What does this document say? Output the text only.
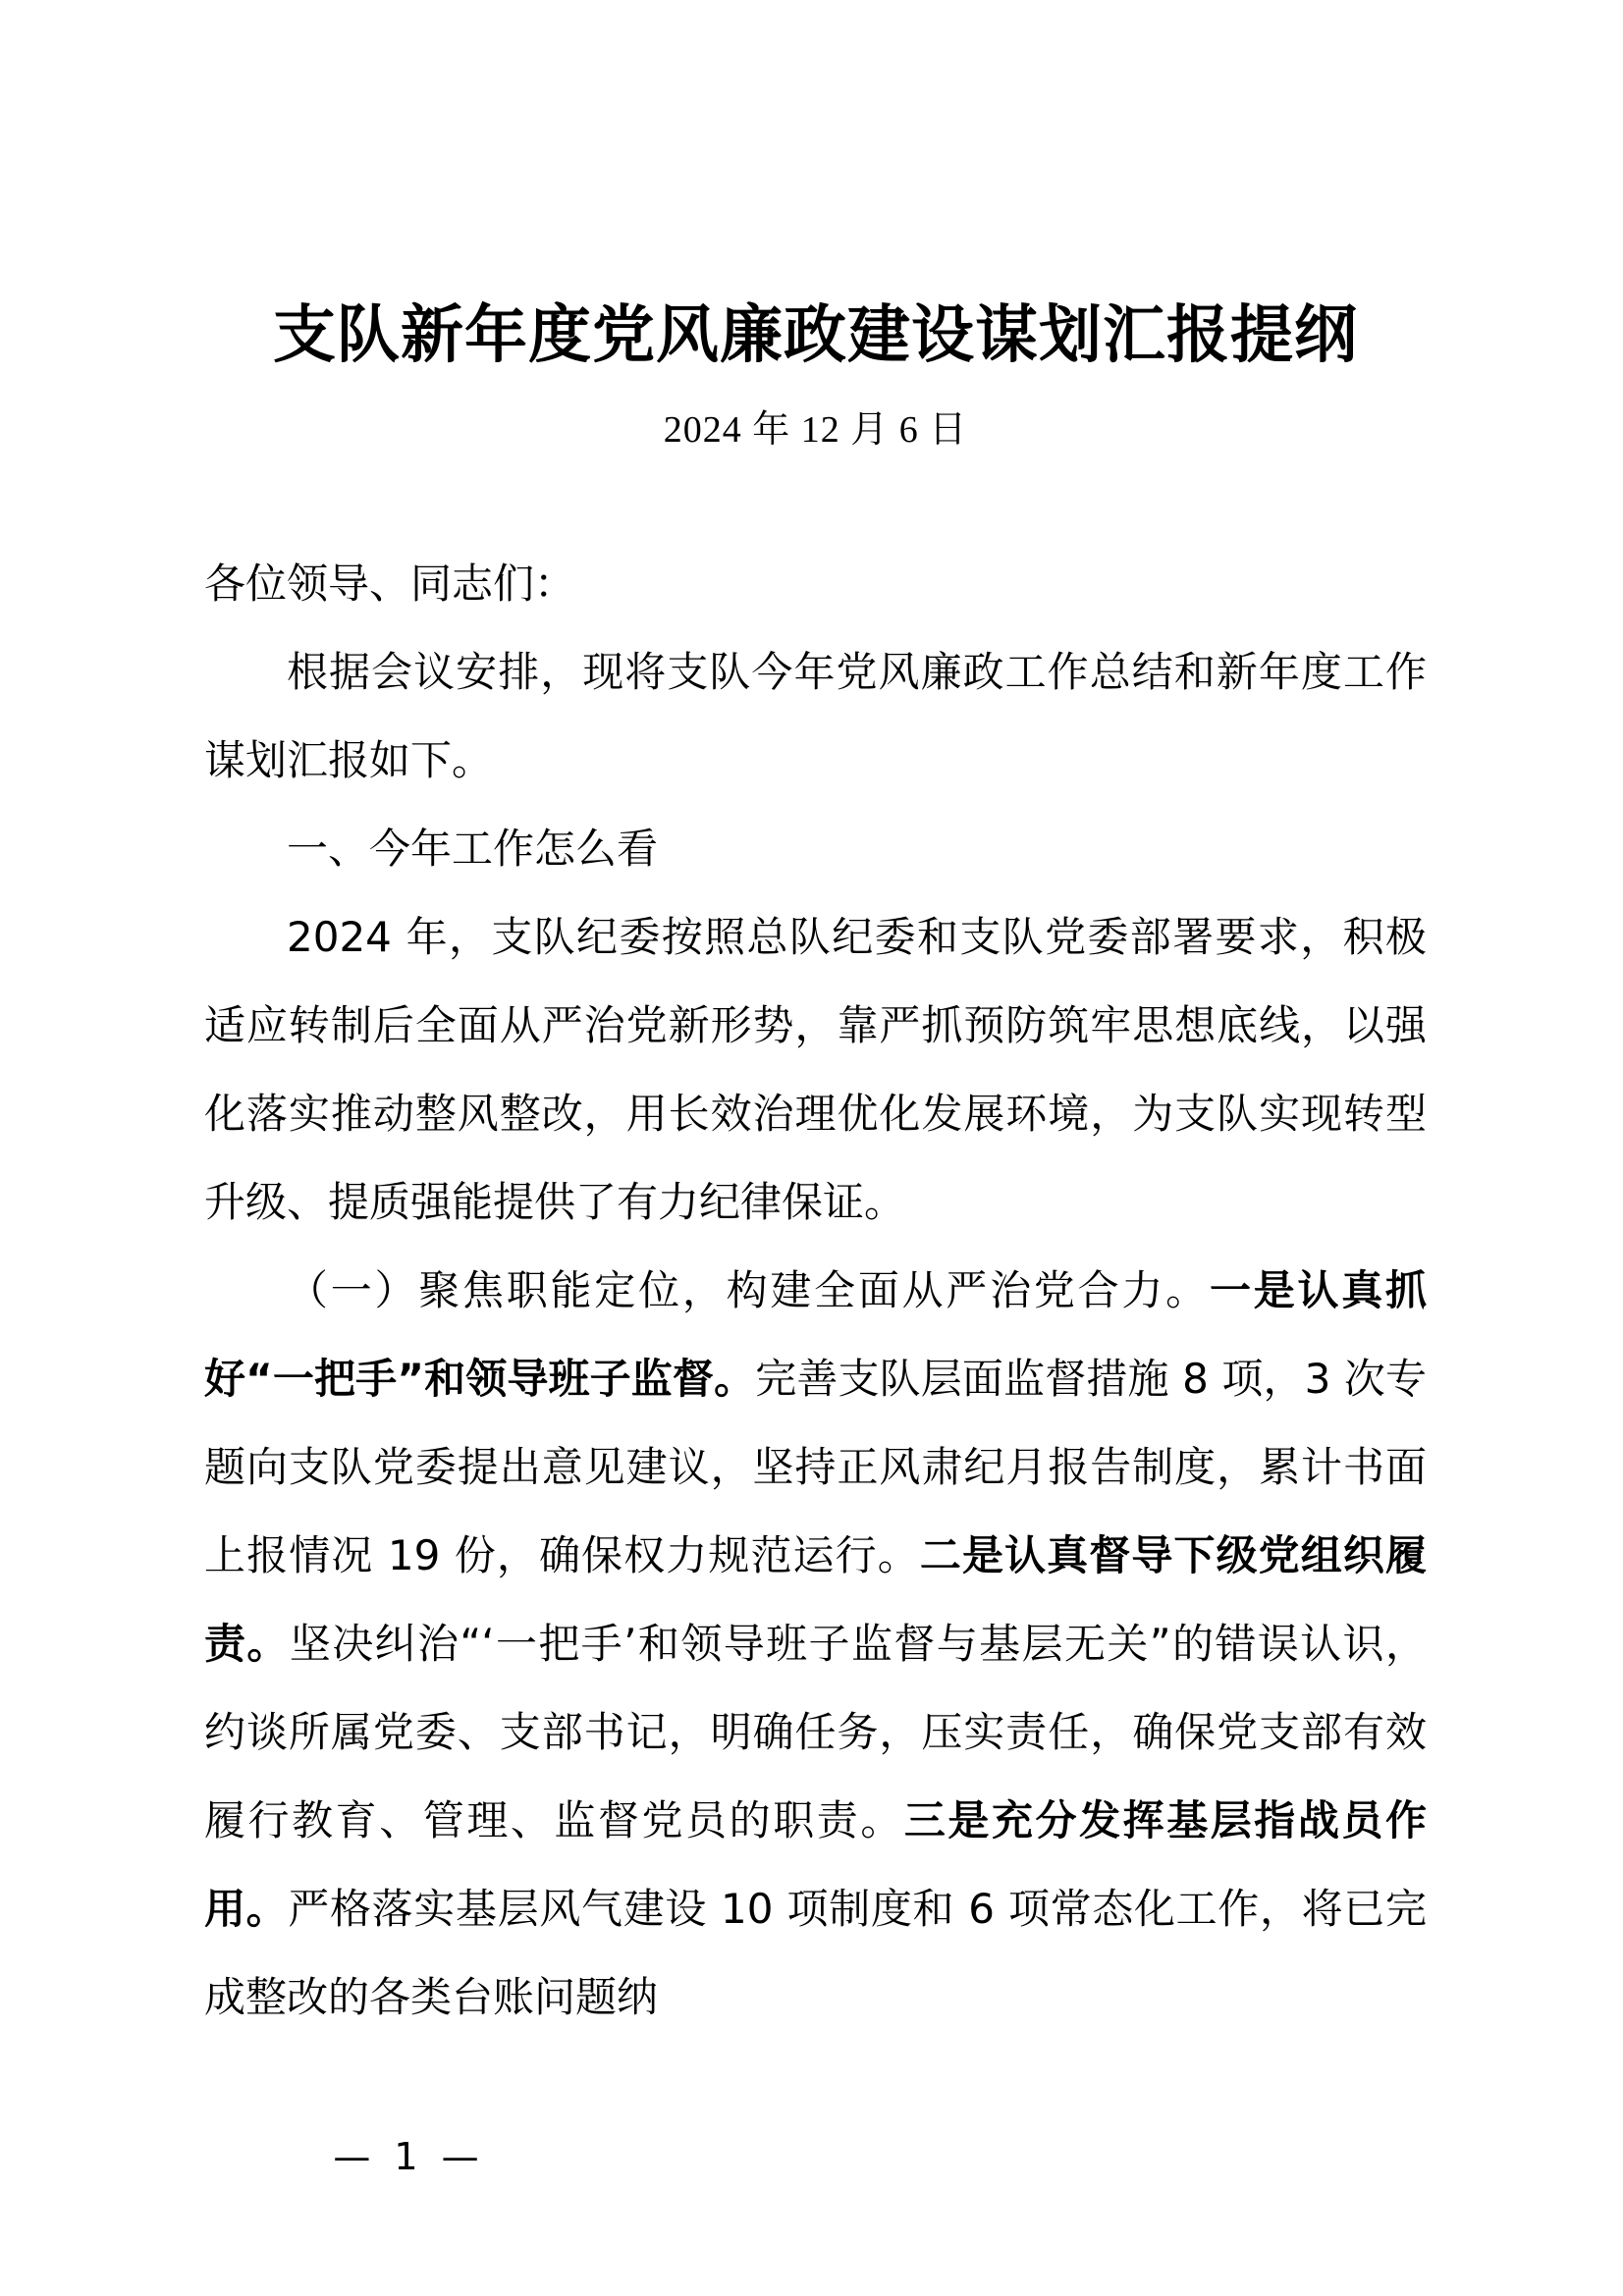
支队新年度党风廉政建设谋划汇报提纲
2024 年 12 月 6 日

各位领导、同志们：

根据会议安排，现将支队今年党风廉政工作总结和新年度工作谋划汇报如下。

一、今年工作怎么看

2024 年，支队纪委按照总队纪委和支队党委部署要求，积极适应转制后全面从严治党新形势，靠严抓预防筑牢思想底线，以强化落实推动整风整改，用长效治理优化发展环境，为支队实现转型升级、提质强能提供了有力纪律保证。

（一）聚焦职能定位，构建全面从严治党合力。一是认真抓好“一把手”和领导班子监督。完善支队层面监督措施 8 项，3 次专题向支队党委提出意见建议，坚持正风肃纪月报告制度，累计书面上报情况 19 份，确保权力规范运行。二是认真督导下级党组织履责。坚决纠治“‘一把手’和领导班子监督与基层无关”的错误认识，约谈所属党委、支部书记，明确任务，压实责任，确保党支部有效履行教育、管理、监督党员的职责。三是充分发挥基层指战员作用。严格落实基层风气建设 10 项制度和 6 项常态化工作，将已完成整改的各类台账问题纳

— 1 —
